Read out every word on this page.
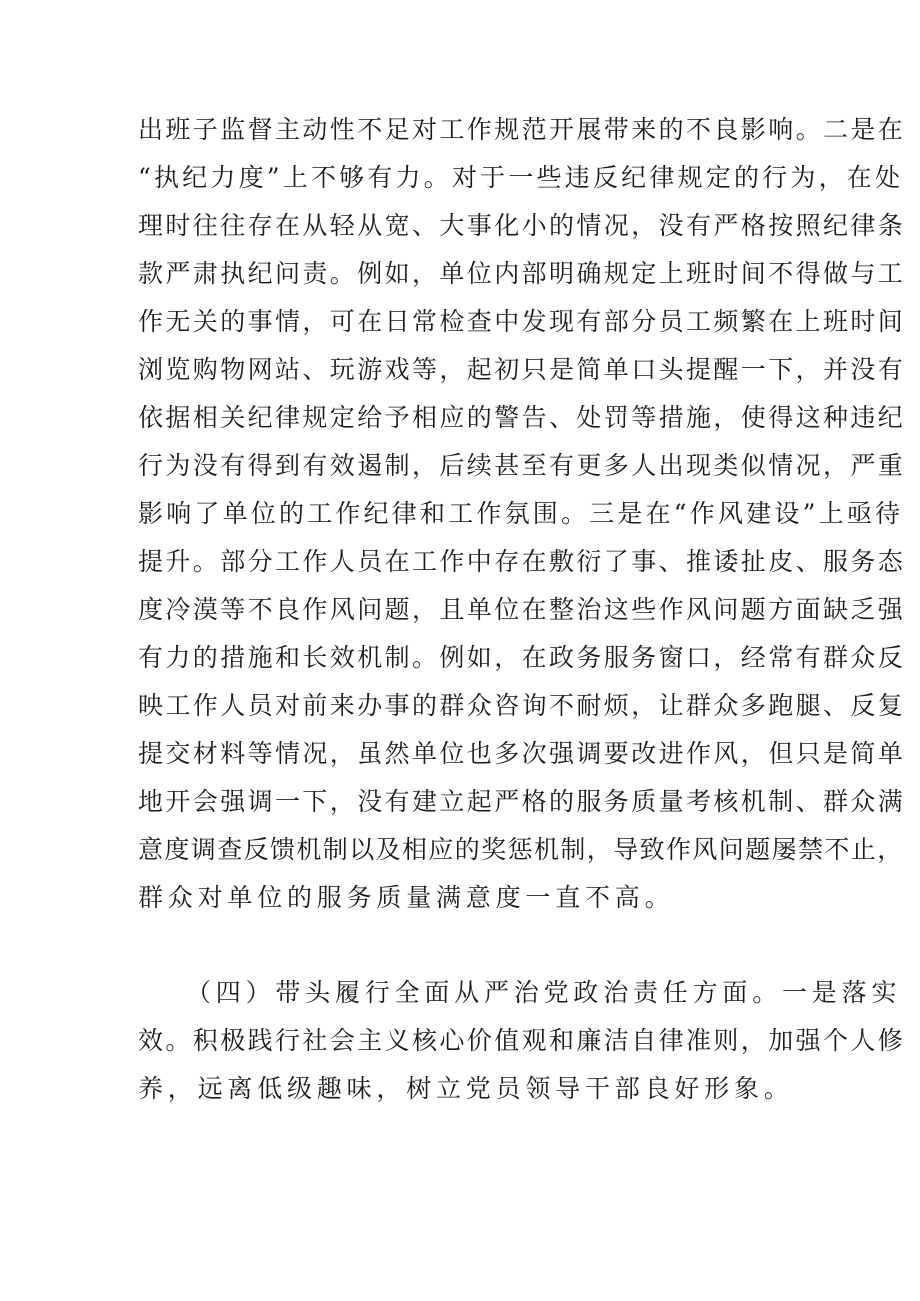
出班子监督主动性不足对工作规范开展带来的不良影响。二是在
“执纪力度”上不够有力。对于一些违反纪律规定的行为，在处
理时往往存在从轻从宽、大事化小的情况，没有严格按照纪律条
款严肃执纪问责。例如，单位内部明确规定上班时间不得做与工
作无关的事情，可在日常检查中发现有部分员工频繁在上班时间
浏览购物网站、玩游戏等，起初只是简单口头提醒一下，并没有
依据相关纪律规定给予相应的警告、处罚等措施，使得这种违纪
行为没有得到有效遏制，后续甚至有更多人出现类似情况，严重
影响了单位的工作纪律和工作氛围。三是在“作风建设”上亟待
提升。部分工作人员在工作中存在敷衍了事、推诿扯皮、服务态
度冷漠等不良作风问题，且单位在整治这些作风问题方面缺乏强
有力的措施和长效机制。例如，在政务服务窗口，经常有群众反
映工作人员对前来办事的群众咨询不耐烦，让群众多跑腿、反复
提交材料等情况，虽然单位也多次强调要改进作风，但只是简单
地开会强调一下，没有建立起严格的服务质量考核机制、群众满
意度调查反馈机制以及相应的奖惩机制，导致作风问题屡禁不止，
群众对单位的服务质量满意度一直不高。
（四）带头履行全面从严治党政治责任方面。一是落实
效。积极践行社会主义核心价值观和廉洁自律准则，加强个人修
养，远离低级趣味，树立党员领导干部良好形象。
